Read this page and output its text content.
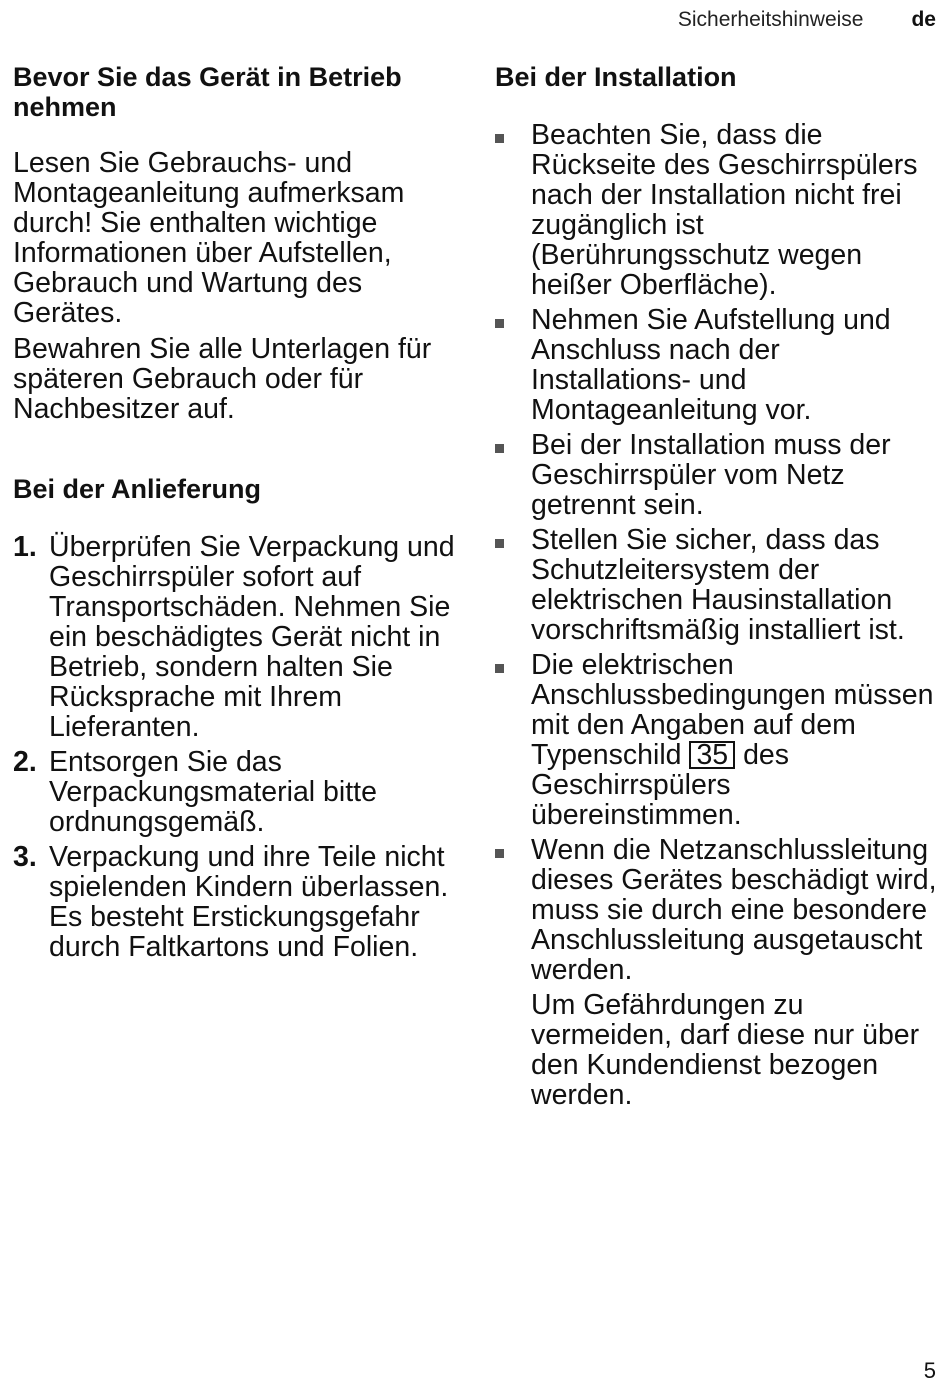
Sicherheitshinweise de
Bevor Sie das Gerät in Betrieb nehmen

Lesen Sie Gebrauchs- und Montageanleitung aufmerksam durch! Sie enthalten wichtige Informationen über Aufstellen, Gebrauch und Wartung des Gerätes.

Bewahren Sie alle Unterlagen für späteren Gebrauch oder für Nachbesitzer auf.

Bei der Anlieferung
1. Überprüfen Sie Verpackung und Geschirrspüler sofort auf Transportschäden. Nehmen Sie ein beschädigtes Gerät nicht in Betrieb, sondern halten Sie Rücksprache mit Ihrem Lieferanten.
2. Entsorgen Sie das Verpackungsmaterial bitte ordnungsgemäß.
3. Verpackung und ihre Teile nicht spielenden Kindern überlassen. Es besteht Erstickungsgefahr durch Faltkartons und Folien.
Bei der Installation
Beachten Sie, dass die Rückseite des Geschirrspülers nach der Installation nicht frei zugänglich ist (Berührungsschutz wegen heißer Oberfläche).
Nehmen Sie Aufstellung und Anschluss nach der Installations- und Montageanleitung vor.
Bei der Installation muss der Geschirrspüler vom Netz getrennt sein.
Stellen Sie sicher, dass das Schutzleitersystem der elektrischen Hausinstallation vorschriftsmäßig installiert ist.
Die elektrischen Anschlussbedingungen müssen mit den Angaben auf dem Typenschild 35 des Geschirrspülers übereinstimmen.
Wenn die Netzanschlussleitung dieses Gerätes beschädigt wird, muss sie durch eine besondere Anschlussleitung ausgetauscht werden.
Um Gefährdungen zu vermeiden, darf diese nur über den Kundendienst bezogen werden.
5
